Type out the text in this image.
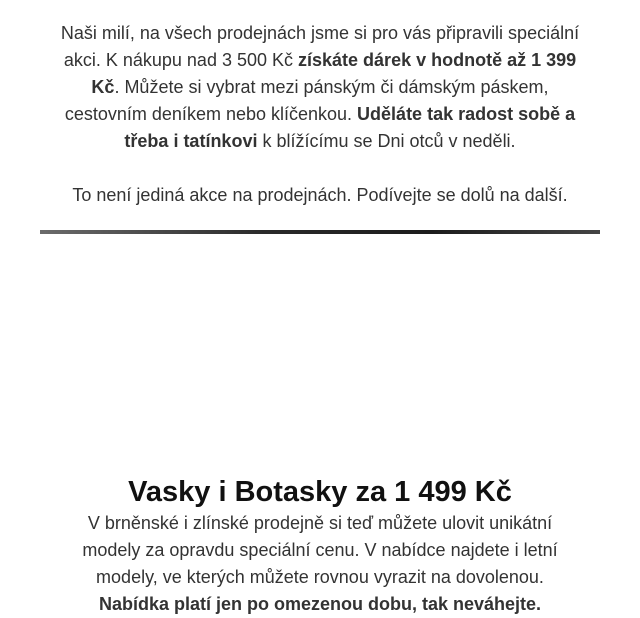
Naši milí, na všech prodejnách jsme si pro vás připravili speciální akci. K nákupu nad 3 500 Kč získáte dárek v hodnotě až 1 399 Kč. Můžete si vybrat mezi pánským či dámským páskem, cestovním deníkem nebo klíčenkou. Uděláte tak radost sobě a třeba i tatínkovi k blížícímu se Dni otců v neděli.

To není jediná akce na prodejnách. Podívejte se dolů na další.

Vasky i Botasky za 1 499 Kč

V brněnské i zlínské prodejně si teď můžete ulovit unikátní modely za opravdu speciální cenu. V nabídce najdete i letní modely, ve kterých můžete rovnou vyrazit na dovolenou.
Nabídka platí jen po omezenou dobu, tak neváhejte.
